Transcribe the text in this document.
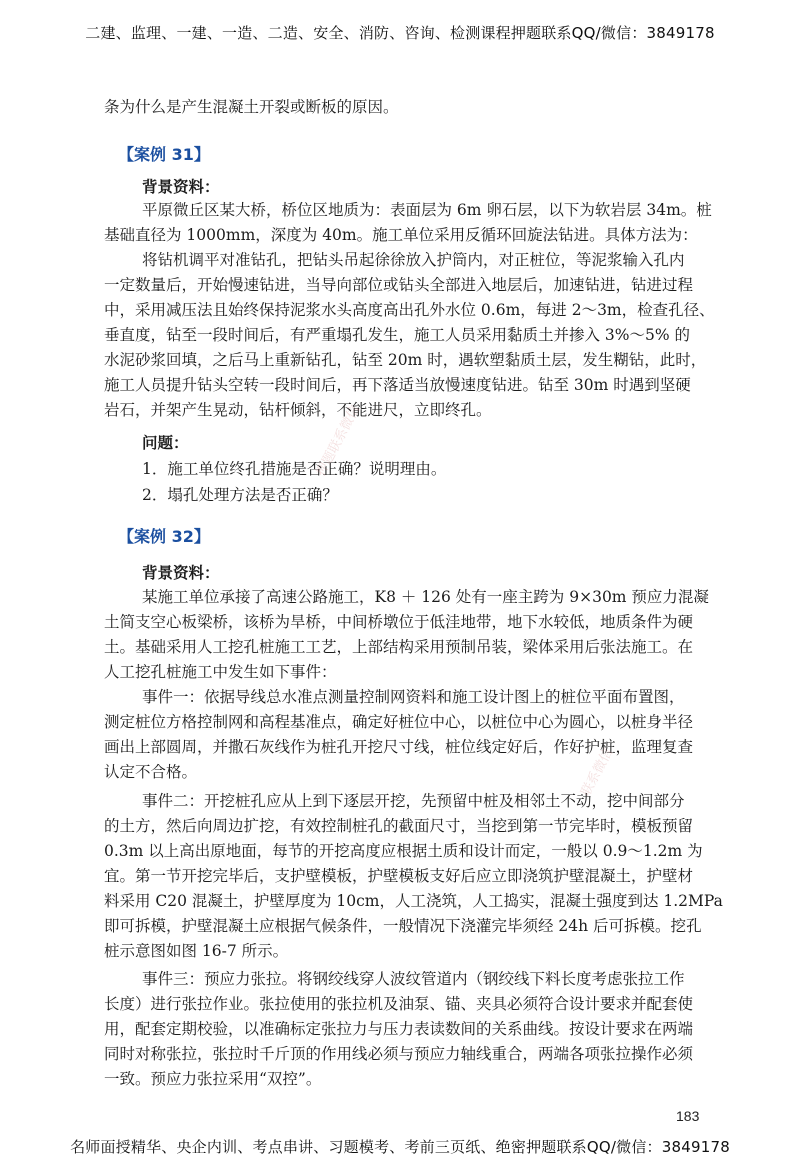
二建、监理、一建、一造、二造、安全、消防、咨询、检测课程押题联系QQ/微信：3849178
条为什么是产生混凝土开裂或断板的原因。
【案例 31】
背景资料：
平原微丘区某大桥，桥位区地质为：表面层为 6m 卵石层，以下为软岩层 34m。桩
基础直径为 1000mm，深度为 40m。施工单位采用反循环回旋法钻进。具体方法为：
将钻机调平对准钻孔，把钻头吊起徐徐放入护筒内，对正桩位，等泥浆输入孔内
一定数量后，开始慢速钻进，当导向部位或钻头全部进入地层后，加速钻进，钻进过程
中，采用减压法且始终保持泥浆水头高度高出孔外水位 0.6m，每进 2～3m，检查孔径、
垂直度，钻至一段时间后，有严重塌孔发生，施工人员采用黏质土并掺入 3%～5% 的
水泥砂浆回填，之后马上重新钻孔，钻至 20m 时，遇软塑黏质土层，发生糊钻，此时，
施工人员提升钻头空转一段时间后，再下落适当放慢速度钻进。钻至 30m 时遇到坚硬
岩石，并架产生晃动，钻杆倾斜，不能进尺，立即终孔。
问题：
1．施工单位终孔措施是否正确？说明理由。
2．塌孔处理方法是否正确？
【案例 32】
背景资料：
某施工单位承接了高速公路施工，K8 ＋ 126 处有一座主跨为 9×30m 预应力混凝
土简支空心板梁桥，该桥为旱桥，中间桥墩位于低洼地带，地下水较低，地质条件为硬
土。基础采用人工挖孔桩施工工艺，上部结构采用预制吊装，梁体采用后张法施工。在
人工挖孔桩施工中发生如下事件：
事件一：依据导线总水准点测量控制网资料和施工设计图上的桩位平面布置图，
测定桩位方格控制网和高程基准点，确定好桩位中心，以桩位中心为圆心，以桩身半径
画出上部圆周，并撒石灰线作为桩孔开挖尺寸线，桩位线定好后，作好护桩，监理复查
认定不合格。
事件二：开挖桩孔应从上到下逐层开挖，先预留中桩及相邻土不动，挖中间部分
的土方，然后向周边扩挖，有效控制桩孔的截面尺寸，当挖到第一节完毕时，模板预留
0.3m 以上高出原地面，每节的开挖高度应根据土质和设计而定，一般以 0.9～1.2m 为
宜。第一节开挖完毕后，支护壁模板，护壁模板支好后应立即浇筑护壁混凝土，护壁材
料采用 C20 混凝土，护壁厚度为 10cm，人工浇筑，人工捣实，混凝土强度到达 1.2MPa
即可拆模，护壁混凝土应根据气候条件，一般情况下浇灌完毕须经 24h 后可拆模。挖孔
桩示意图如图 16-7 所示。
事件三：预应力张拉。将钢绞线穿人波纹管道内（钢绞线下料长度考虑张拉工作
长度）进行张拉作业。张拉使用的张拉机及油泵、锚、夹具必须符合设计要求并配套使
用，配套定期校验，以准确标定张拉力与压力表读数间的关系曲线。按设计要求在两端
同时对称张拉，张拉时千斤顶的作用线必须与预应力轴线重合，两端各项张拉操作必须
一致。预应力张拉采用“双控”。
183
押题联系微信
联系微信
名师面授精华、央企内训、考点串讲、习题模考、考前三页纸、绝密押题联系QQ/微信：3849178
